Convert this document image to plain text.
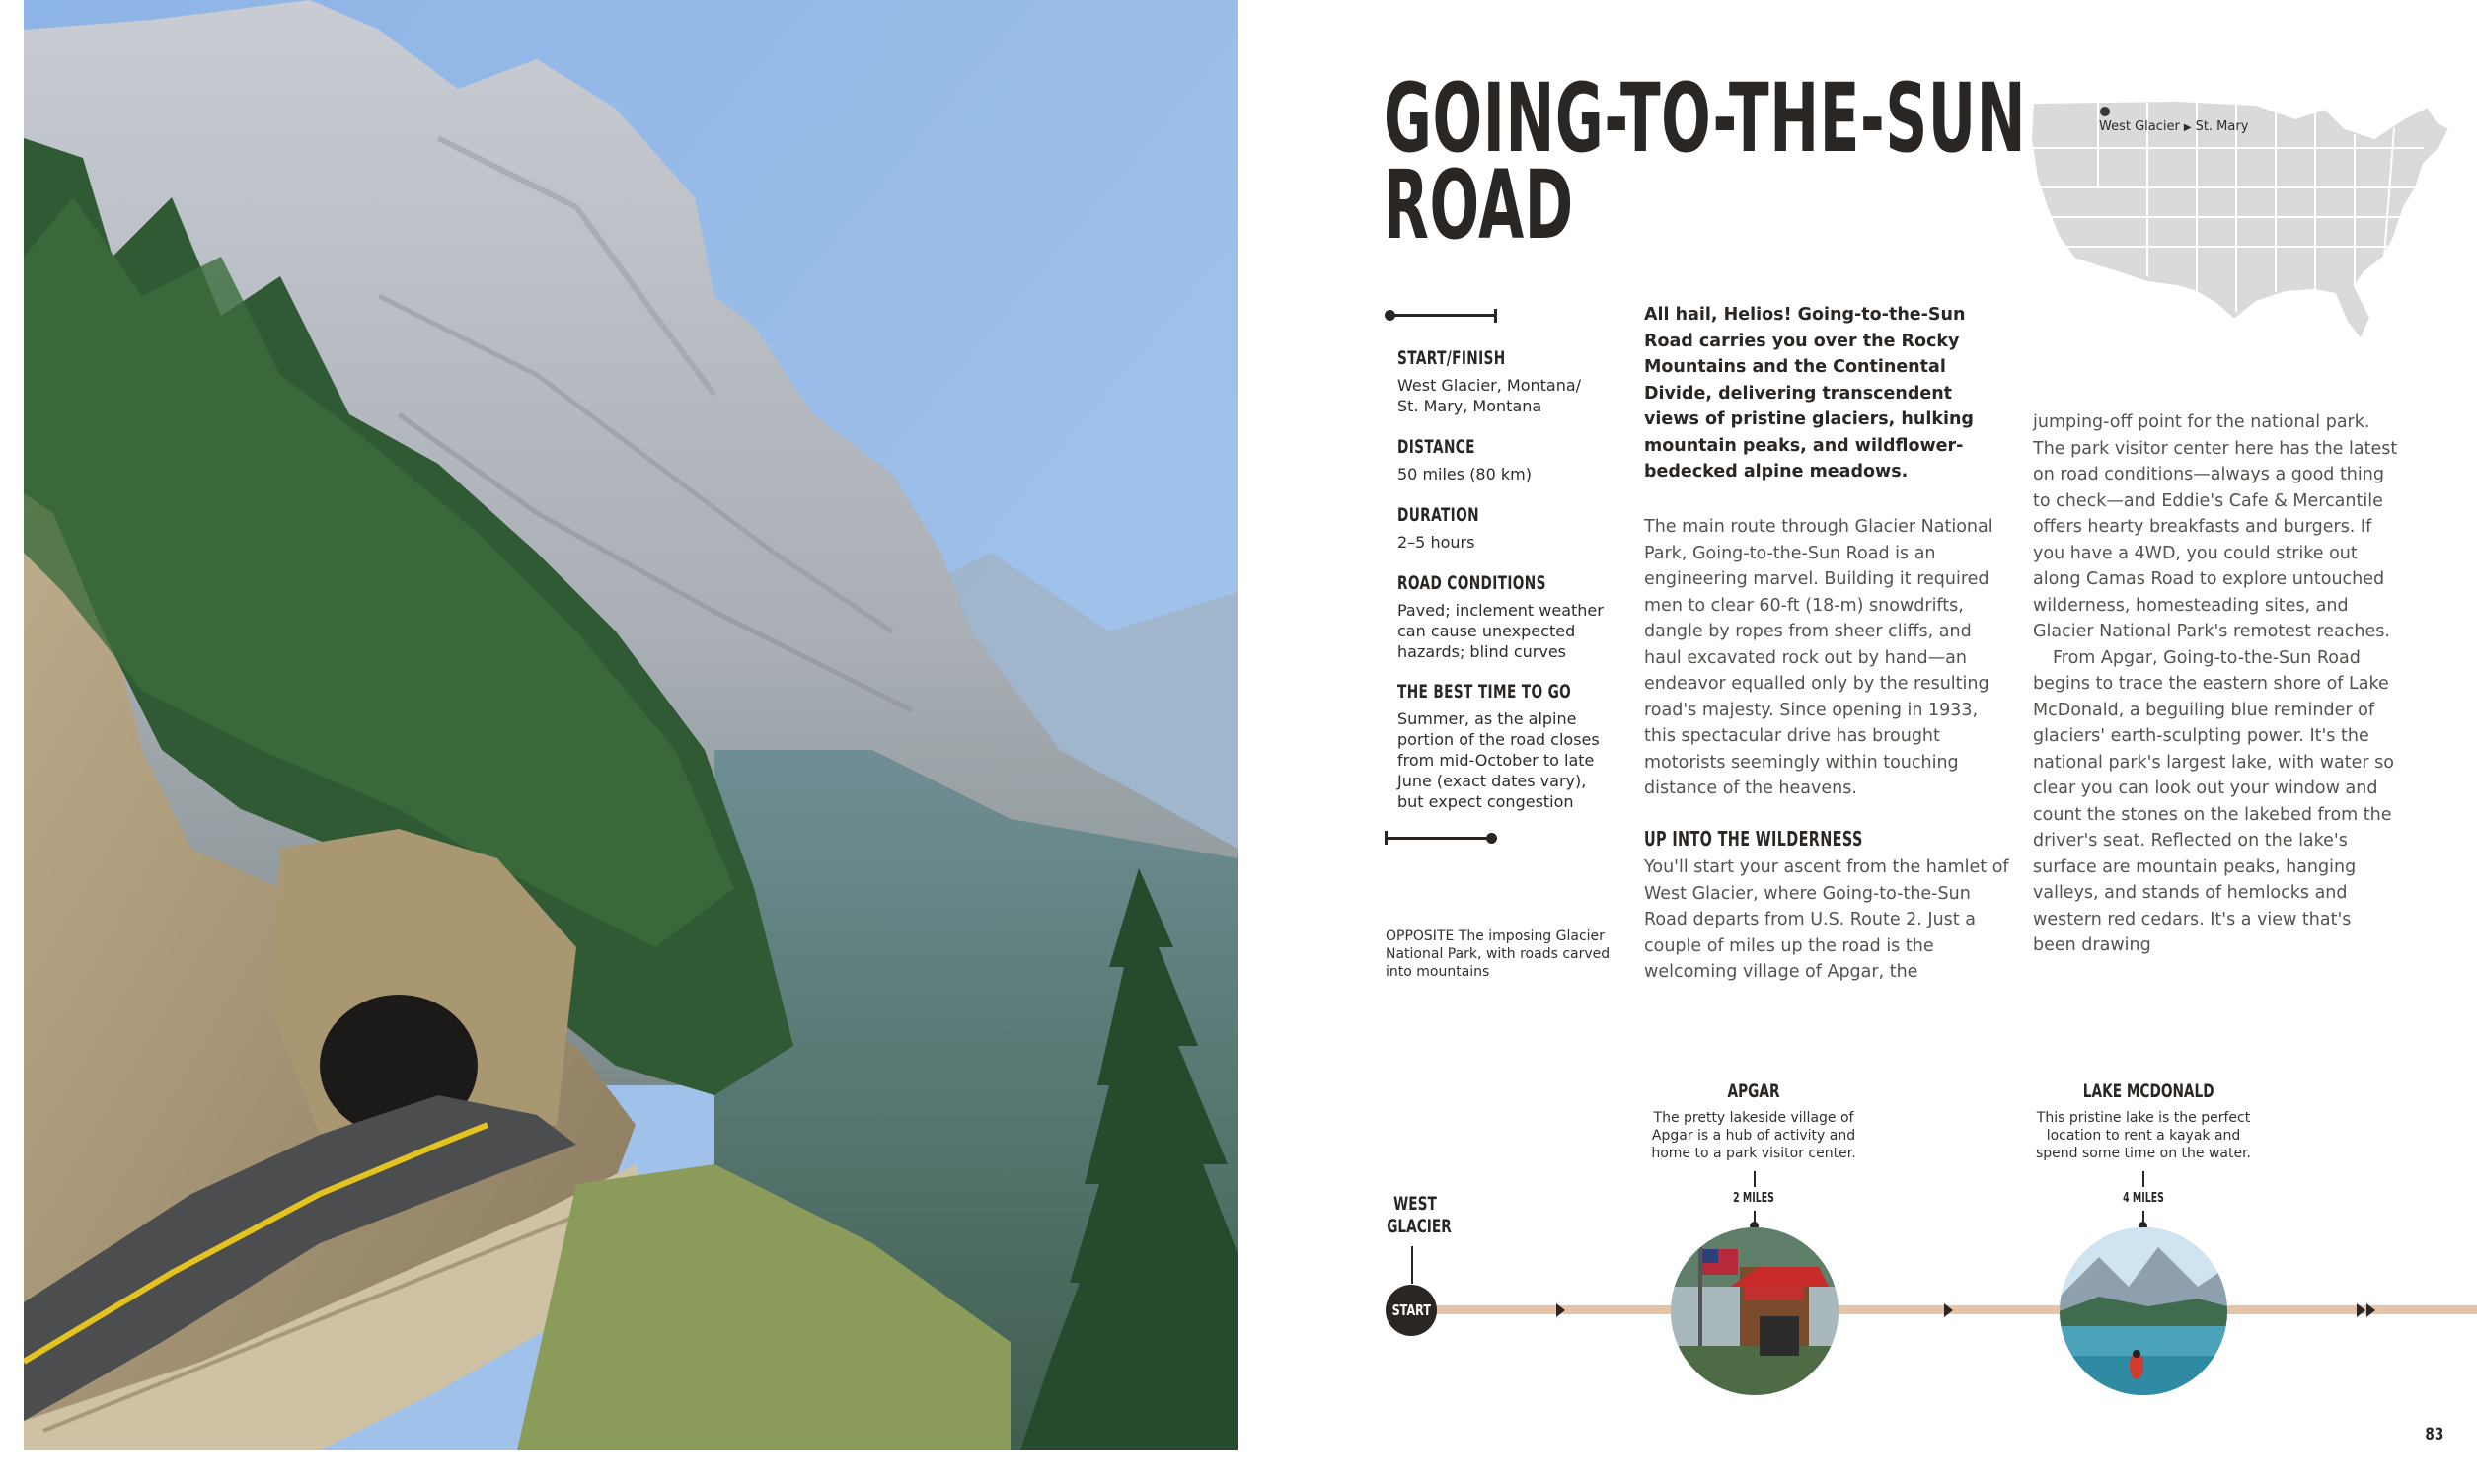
GOING-TO-THE-SUN
ROAD
West Glacier ▶ St. Mary
START/FINISH
West Glacier, Montana/ St. Mary, Montana
DISTANCE
50 miles (80 km)
DURATION
2–5 hours
ROAD CONDITIONS
Paved; inclement weather can cause unexpected hazards; blind curves
THE BEST TIME TO GO
Summer, as the alpine portion of the road closes from mid-October to late June (exact dates vary), but expect congestion
OPPOSITE The imposing Glacier National Park, with roads carved into mountains
All hail, Helios! Going-to-the-Sun Road carries you over the Rocky Mountains and the Continental Divide, delivering transcendent views of pristine glaciers, hulking mountain peaks, and wildflower-bedecked alpine meadows.
The main route through Glacier National Park, Going-to-the-Sun Road is an engineering marvel. Building it required men to clear 60-ft (18-m) snowdrifts, dangle by ropes from sheer cliffs, and haul excavated rock out by hand—an endeavor equalled only by the resulting road's majesty. Since opening in 1933, this spectacular drive has brought motorists seemingly within touching distance of the heavens.
UP INTO THE WILDERNESS
You'll start your ascent from the hamlet of West Glacier, where Going-to-the-Sun Road departs from U.S. Route 2. Just a couple of miles up the road is the welcoming village of Apgar, the
jumping-off point for the national park. The park visitor center here has the latest on road conditions—always a good thing to check—and Eddie's Cafe & Mercantile offers hearty breakfasts and burgers. If you have a 4WD, you could strike out along Camas Road to explore untouched wilderness, homesteading sites, and Glacier National Park's remotest reaches.
From Apgar, Going-to-the-Sun Road begins to trace the eastern shore of Lake McDonald, a beguiling blue reminder of glaciers' earth-sculpting power. It's the national park's largest lake, with water so clear you can look out your window and count the stones on the lakebed from the driver's seat. Reflected on the lake's surface are mountain peaks, hanging valleys, and stands of hemlocks and western red cedars. It's a view that's been drawing
WEST
GLACIER
START
APGAR
The pretty lakeside village of Apgar is a hub of activity and home to a park visitor center.
2 MILES
LAKE MCDONALD
This pristine lake is the perfect location to rent a kayak and spend some time on the water.
4 MILES
83
